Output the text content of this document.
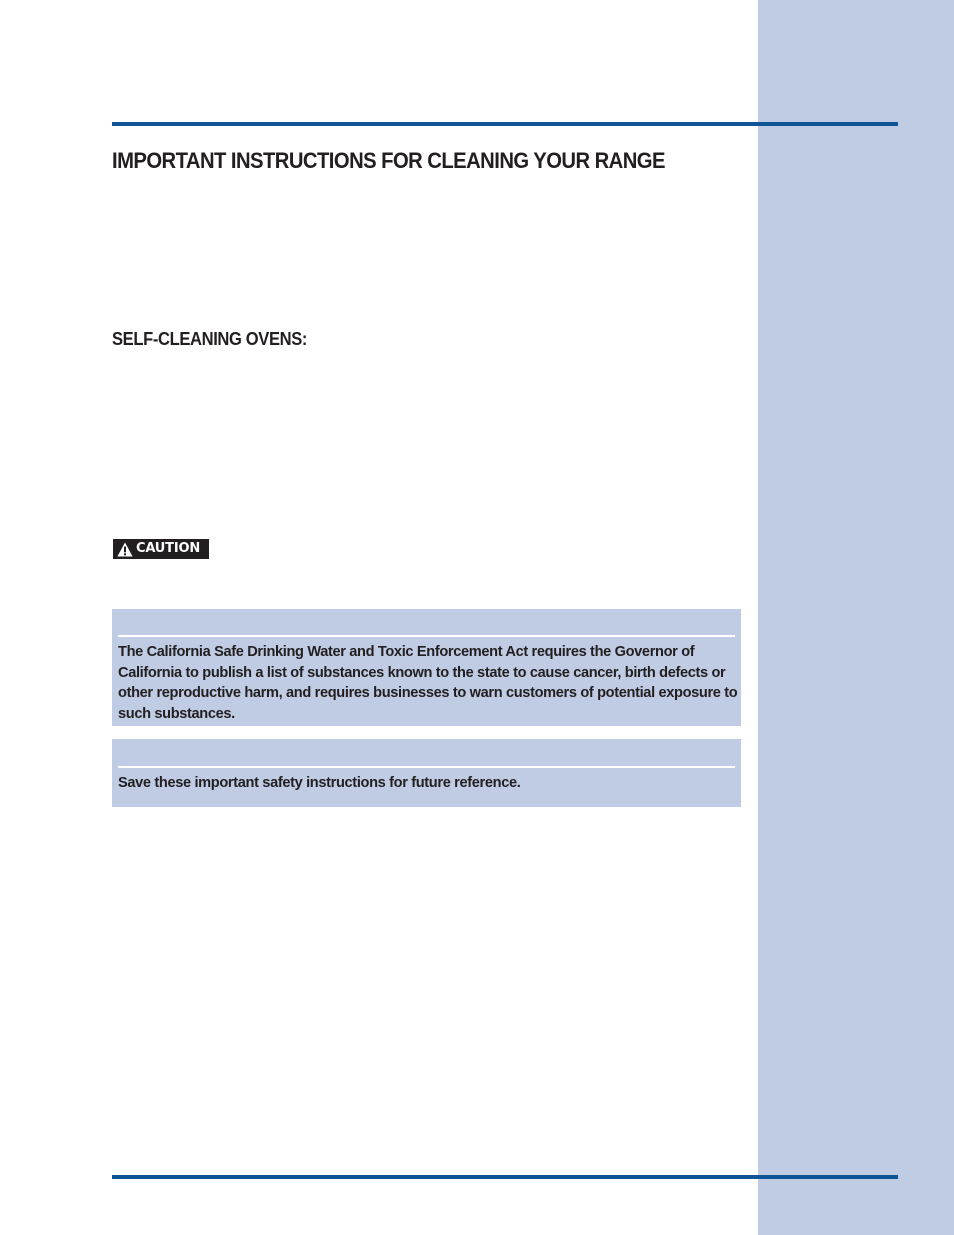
IMPORTANT INSTRUCTIONS FOR CLEANING YOUR RANGE
SELF-CLEANING OVENS:
CAUTION

The California Safe Drinking Water and Toxic Enforcement Act requires the Governor of California to publish a list of substances known to the state to cause cancer, birth defects or other reproductive harm, and requires businesses to warn customers of potential exposure to such substances.

Save these important safety instructions for future reference.
